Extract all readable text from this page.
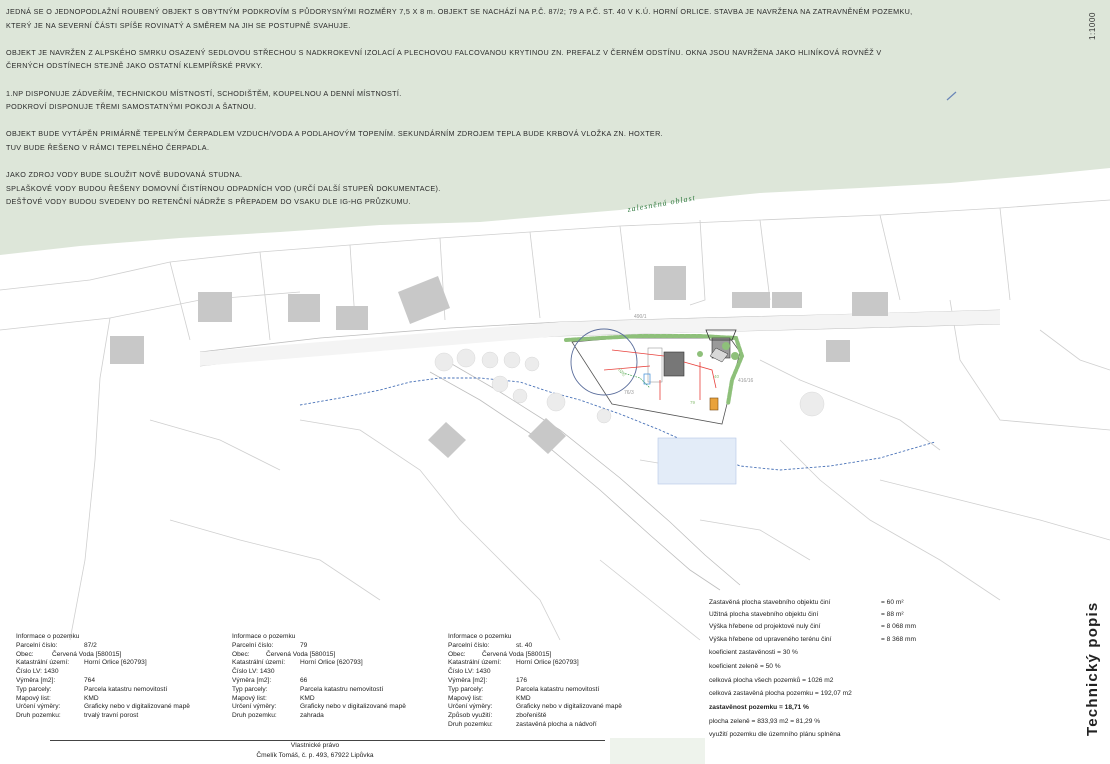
zalesněná oblast
490/1
416/16
76/3
87/2
79
40

JEDNÁ SE O JEDNOPODLAŽNÍ ROUBENÝ OBJEKT S OBYTNÝM PODKROVÍM S PŮDORYSNÝMI ROZMĚRY 7,5 X 8 m. OBJEKT SE NACHÁZÍ NA P.Č. 87/2; 79 A P.Č. ST. 40 V K.Ú. HORNÍ ORLICE. STAVBA JE NAVRŽENA NA ZATRAVNĚNÉM POZEMKU,
KTERÝ JE NA SEVERNÍ ČÁSTI SPÍŠE ROVINATÝ A SMĚREM NA JIH SE POSTUPNĚ SVAHUJE.

OBJEKT JE NAVRŽEN Z ALPSKÉHO SMRKU OSAZENÝ SEDLOVOU STŘECHOU S NADKROKEVNÍ IZOLACÍ A PLECHOVOU FALCOVANOU KRYTINOU ZN. PREFALZ V ČERNÉM ODSTÍNU. OKNA JSOU NAVRŽENA JAKO HLINÍKOVÁ ROVNĚŽ V
ČERNÝCH ODSTÍNECH STEJNĚ JAKO OSTATNÍ KLEMPÍŘSKÉ PRVKY.

1.NP DISPONUJE ZÁDVEŘÍM, TECHNICKOU MÍSTNOSTÍ, SCHODIŠTĚM, KOUPELNOU A DENNÍ MÍSTNOSTÍ.
PODKROVÍ DISPONUJE TŘEMI SAMOSTATNÝMI POKOJI A ŠATNOU.

OBJEKT BUDE VYTÁPĚN PRIMÁRNĚ TEPELNÝM ČERPADLEM VZDUCH/VODA A PODLAHOVÝM TOPENÍM. SEKUNDÁRNÍM ZDROJEM TEPLA BUDE KRBOVÁ VLOŽKA ZN. HOXTER.
TUV BUDE ŘEŠENO V RÁMCI TEPELNÉHO ČERPADLA.

JAKO ZDROJ VODY BUDE SLOUŽIT NOVĚ BUDOVANÁ STUDNA.
SPLAŠKOVÉ VODY BUDOU ŘEŠENY DOMOVNÍ ČISTÍRNOU ODPADNÍCH VOD (URČÍ DALŠÍ STUPEŇ DOKUMENTACE).
DEŠŤOVÉ VODY BUDOU SVEDENY DO RETENČNÍ NÁDRŽE S PŘEPADEM DO VSAKU DLE IG-HG PRŮZKUMU.

1:1000
Technický popis
Informace o pozemku
Parcelní číslo:	87/2
Obec:	Červená Voda [580015]
Katastrální území: Horní Orlice [620793]
Číslo LV: 1430
Výměra [m2]:	764
Typ parcely:	Parcela katastru nemovitostí
Mapový list:	KMD
Určení výměry:	Graficky nebo v digitalizované mapě
Druh pozemku:	trvalý travní porost
Informace o pozemku
Parcelní číslo:	79
Obec: Červená Voda [580015]
Katastrální území: Horní Orlice [620793]
Číslo LV: 1430
Výměra [m2]:	66
Typ parcely:	Parcela katastru nemovitostí
Mapový list:	KMD
Určení výměry:	Graficky nebo v digitalizované mapě
Druh pozemku:	zahrada
Informace o pozemku
Parcelní číslo:	st. 40
Obec: Červená Voda [580015]
Katastrální území: Horní Orlice [620793]
Číslo LV: 1430
Výměra [m2]:	176
Typ parcely:	Parcela katastru nemovitostí
Mapový list:	KMD
Určení výměry:	Graficky nebo v digitalizované mapě
Způsob využití:	zbořeniště
Druh pozemku:	zastavěná plocha a nádvoří
Vlastnické právo
Čmelík Tomáš, č. p. 493, 67922 Lipůvka
Zastavěná plocha stavebního objektu činí	= 60 m²
Užitná plocha stavebního objektu činí	= 88 m²
Výška hřebene od projektové nuly činí	= 8 068 mm
Výška hřebene od upraveného terénu činí	= 8 368 mm
koeficient zastavěnosti = 30 %
koeficient zeleně = 50 %
celková plocha všech pozemků = 1026 m2
celková zastavěná plocha pozemku = 192,07 m2
zastavěnost pozemku = 18,71 %
plocha zeleně = 833,93 m2 = 81,29 %
využití pozemku dle územního plánu splněna
